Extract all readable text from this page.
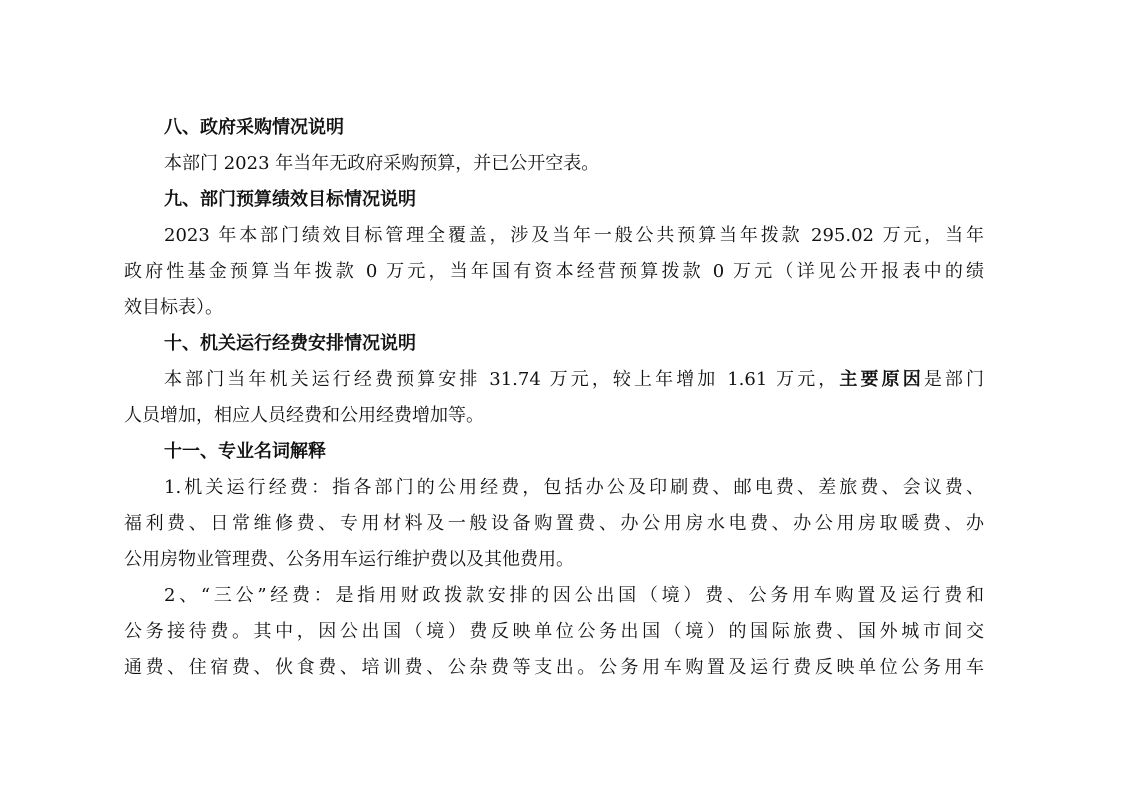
八、政府采购情况说明
本部门 2023 年当年无政府采购预算，并已公开空表。
九、部门预算绩效目标情况说明
2023 年本部门绩效目标管理全覆盖，涉及当年一般公共预算当年拨款 295.02 万元，当年
政府性基金预算当年拨款 0 万元，当年国有资本经营预算拨款 0 万元（详见公开报表中的绩
效目标表）。
十、机关运行经费安排情况说明
本部门当年机关运行经费预算安排 31.74 万元，较上年增加 1.61 万元，主要原因是部门
人员增加，相应人员经费和公用经费增加等。
十一、专业名词解释
1.机关运行经费：指各部门的公用经费，包括办公及印刷费、邮电费、差旅费、会议费、
福利费、日常维修费、专用材料及一般设备购置费、办公用房水电费、办公用房取暖费、办
公用房物业管理费、公务用车运行维护费以及其他费用。
2、“三公”经费：是指用财政拨款安排的因公出国（境）费、公务用车购置及运行费和
公务接待费。其中，因公出国（境）费反映单位公务出国（境）的国际旅费、国外城市间交
通费、住宿费、伙食费、培训费、公杂费等支出。公务用车购置及运行费反映单位公务用车
